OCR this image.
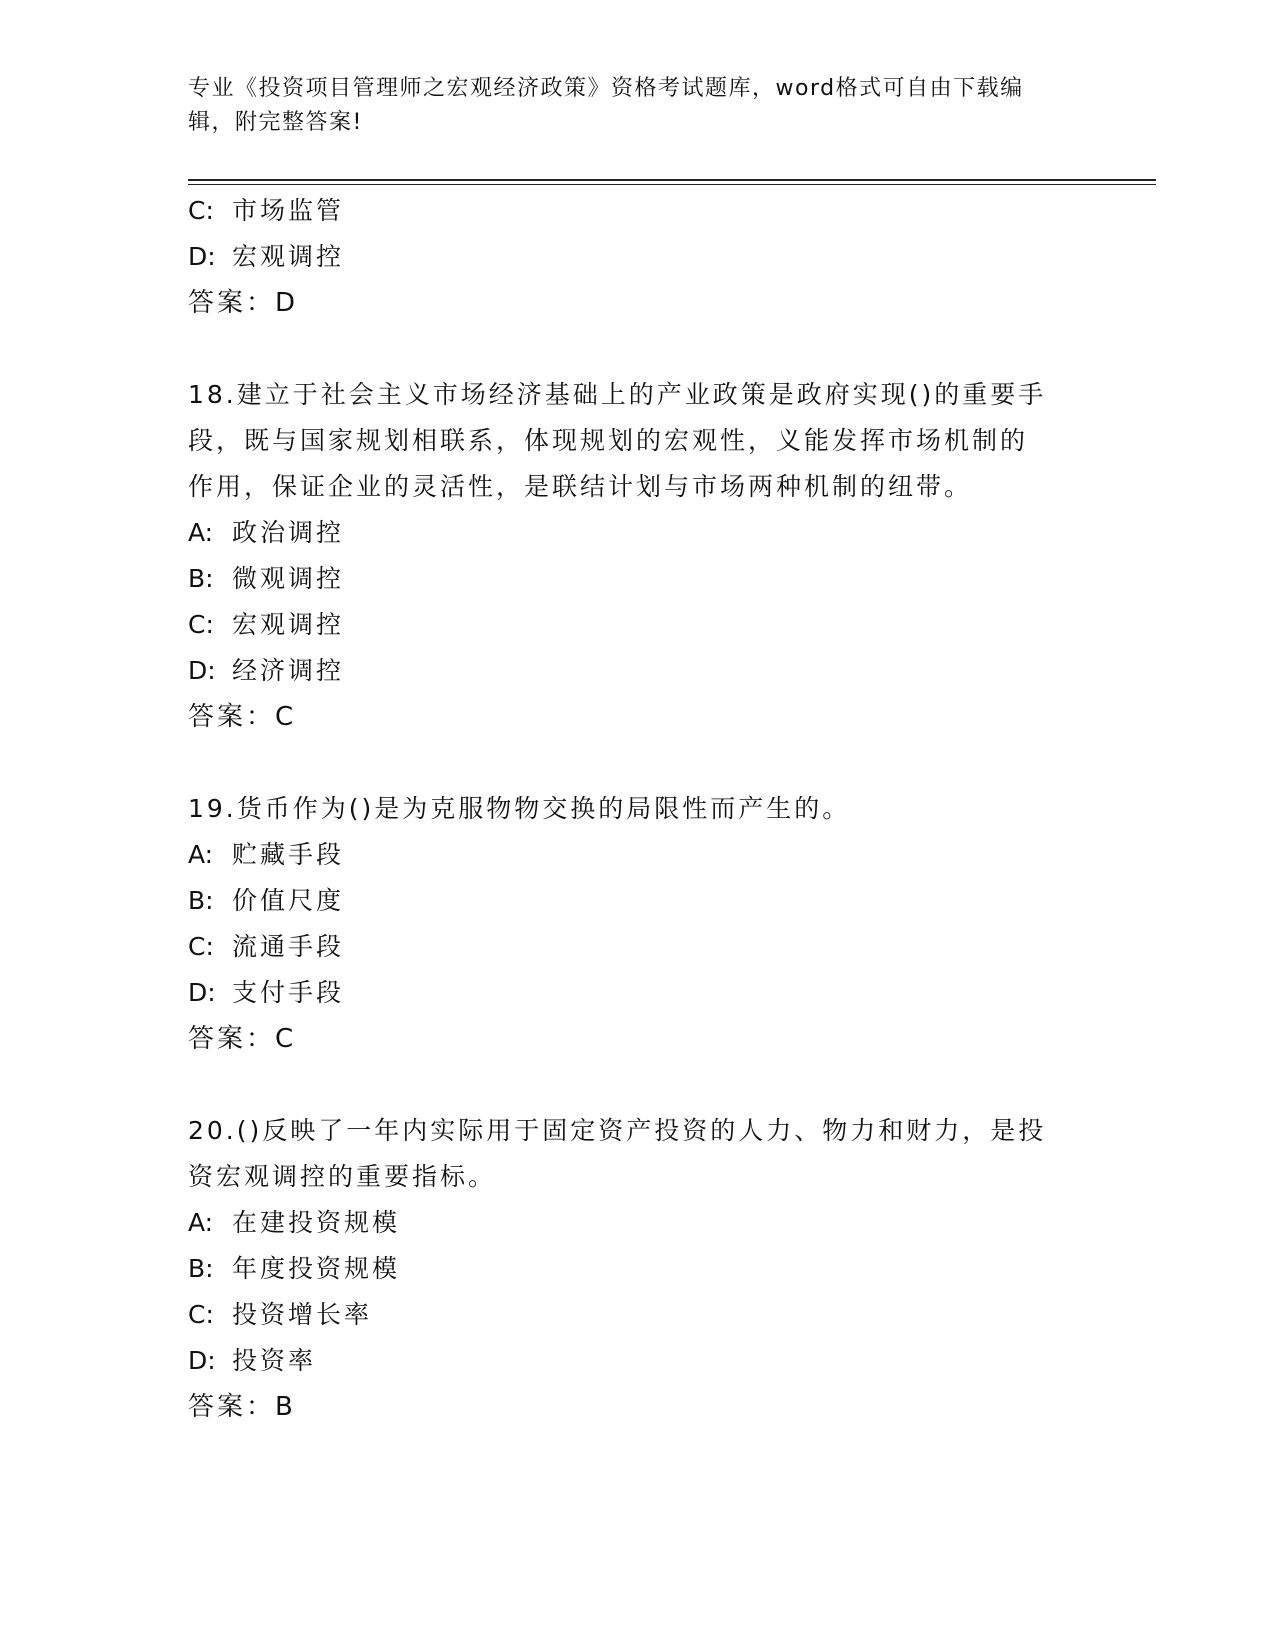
专业《投资项目管理师之宏观经济政策》资格考试题库，word格式可自由下载编
辑，附完整答案!
C: 市场监管
D: 宏观调控
答案：D
18.建立于社会主义市场经济基础上的产业政策是政府实现()的重要手
段，既与国家规划相联系，体现规划的宏观性，义能发挥市场机制的
作用，保证企业的灵活性，是联结计划与市场两种机制的纽带。
A: 政治调控
B: 微观调控
C: 宏观调控
D: 经济调控
答案：C
19.货币作为()是为克服物物交换的局限性而产生的。
A: 贮藏手段
B: 价值尺度
C: 流通手段
D: 支付手段
答案：C
20.()反映了一年内实际用于固定资产投资的人力、物力和财力，是投
资宏观调控的重要指标。
A: 在建投资规模
B: 年度投资规模
C: 投资增长率
D: 投资率
答案：B
